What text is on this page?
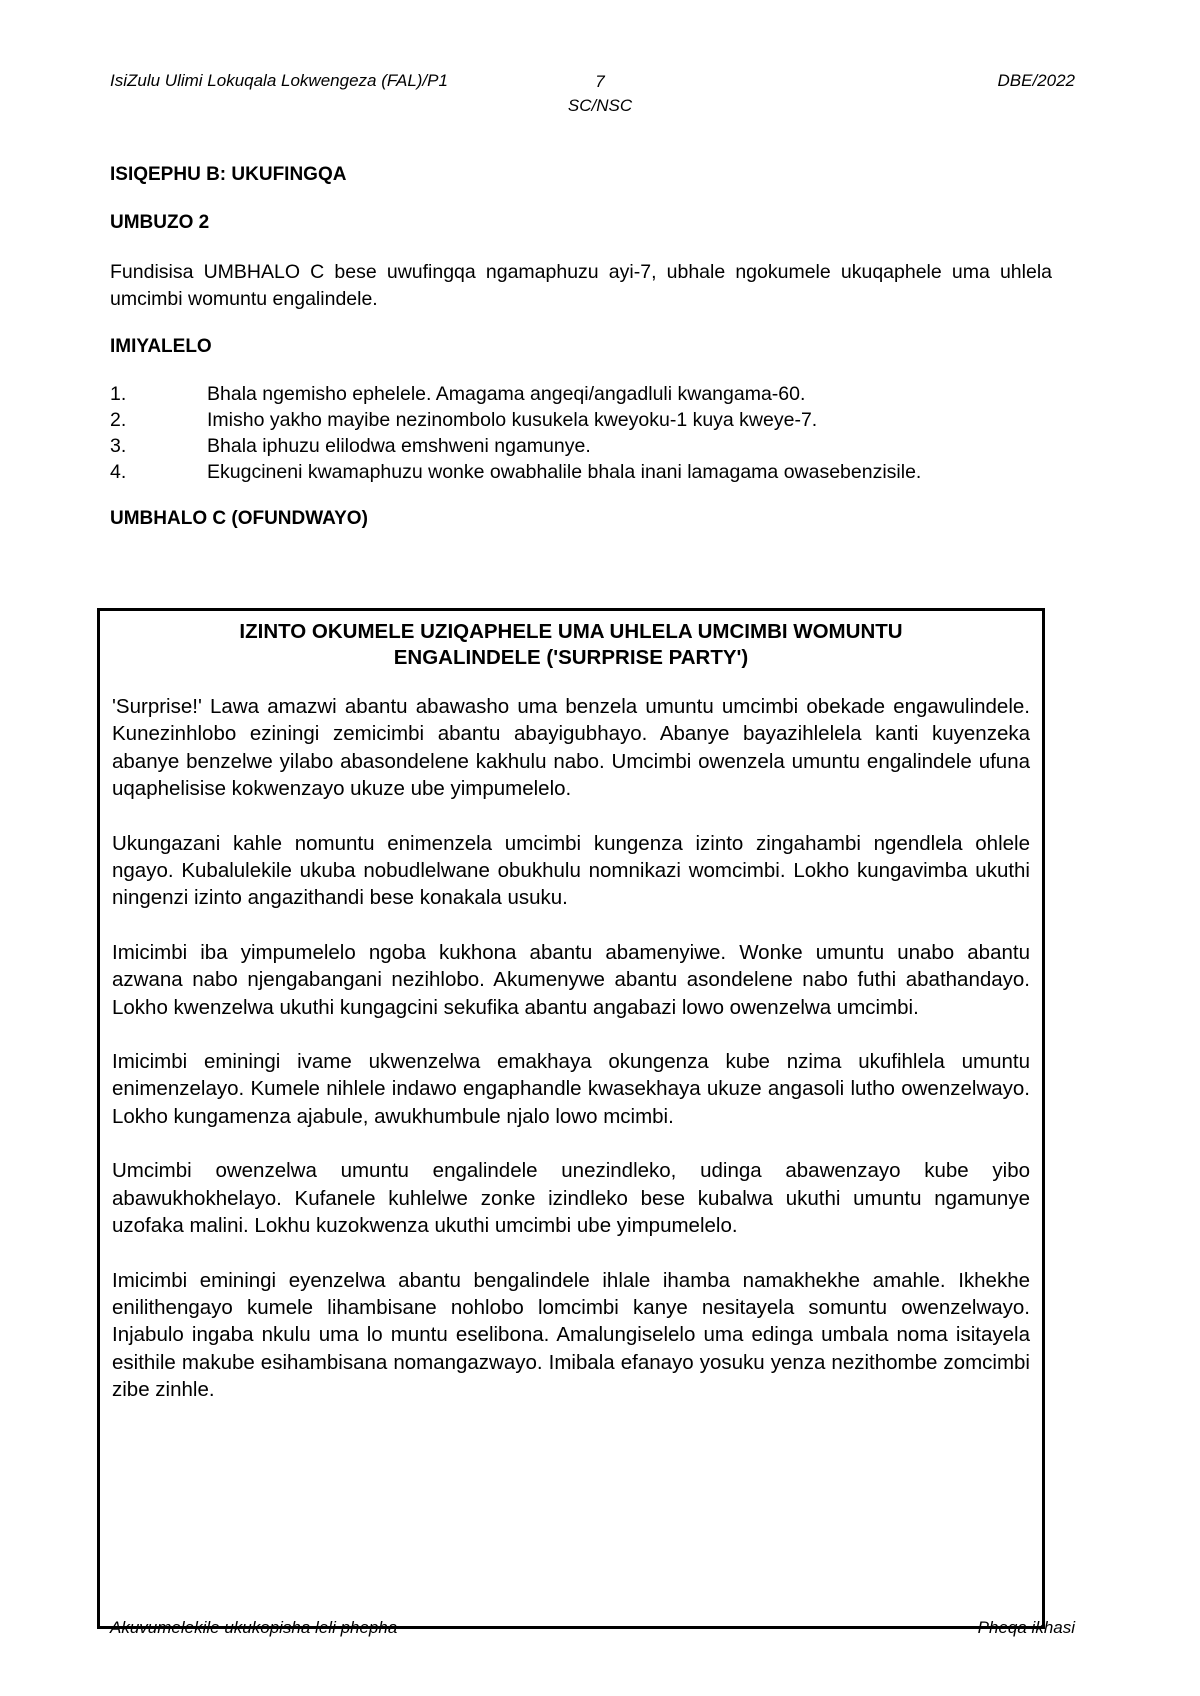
IsiZulu Ulimi Lokuqala Lokwengeza (FAL)/P1	7
SC/NSC
DBE/2022

ISIQEPHU B: UKUFINGQA

UMBUZO 2

Fundisisa UMBHALO C bese uwufingqa ngamaphuzu ayi-7, ubhale ngokumele ukuqaphele uma uhlela umcimbi womuntu engalindele.

IMIYALELO

1.	Bhala ngemisho ephelele. Amagama angeqi/angadluli kwangama-60.
2.	Imisho yakho mayibe nezinombolo kusukela kweyoku-1 kuya kweye-7.
3.	Bhala iphuzu elilodwa emshweni ngamunye.
4.	Ekugcineni kwamaphuzu wonke owabhalile bhala inani lamagama owasebenzisile.

UMBHALO C (OFUNDWAYO)

IZINTO OKUMELE UZIQAPHELE UMA UHLELA UMCIMBI WOMUNTU
ENGALINDELE ('SURPRISE PARTY')

'Surprise!' Lawa amazwi abantu abawasho uma benzela umuntu umcimbi obekade engawulindele. Kunezinhlobo eziningi zemicimbi abantu abayigubhayo. Abanye bayazihlelela kanti kuyenzeka abanye benzelwe yilabo abasondelene kakhulu nabo. Umcimbi owenzela umuntu engalindele ufuna uqaphelisise kokwenzayo ukuze ube yimpumelelo.

Ukungazani kahle nomuntu enimenzela umcimbi kungenza izinto zingahambi ngendlela ohlele ngayo. Kubalulekile ukuba nobudlelwane obukhulu nomnikazi womcimbi. Lokho kungavimba ukuthi ningenzi izinto angazithandi bese konakala usuku.

Imicimbi iba yimpumelelo ngoba kukhona abantu abamenyiwe. Wonke umuntu unabo abantu azwana nabo njengabangani nezihlobo. Akumenywe abantu asondelene nabo futhi abathandayo. Lokho kwenzelwa ukuthi kungagcini sekufika abantu angabazi lowo owenzelwa umcimbi.

Imicimbi eminingi ivame ukwenzelwa emakhaya okungenza kube nzima ukufihlela umuntu enimenzelayo. Kumele nihlele indawo engaphandle kwasekhaya ukuze angasoli lutho owenzelwayo. Lokho kungamenza ajabule, awukhumbule njalo lowo mcimbi.

Umcimbi owenzelwa umuntu engalindele unezindleko, udinga abawenzayo kube yibo abawukhokhelayo. Kufanele kuhlelwe zonke izindleko bese kubalwa ukuthi umuntu ngamunye uzofaka malini. Lokhu kuzokwenza ukuthi umcimbi ube yimpumelelo.

Imicimbi eminingi eyenzelwa abantu bengalindele ihlale ihamba namakhekhe amahle. Ikhekhe enilithengayo kumele lihambisane nohlobo lomcimbi kanye nesitayela somuntu owenzelwayo. Injabulo ingaba nkulu uma lo muntu eselibona. Amalungiselelo uma edinga umbala noma isitayela esithile makube esihambisana nomangazwayo. Imibala efanayo yosuku yenza nezithombe zomcimbi zibe zinhle.

Akuvumelekile ukukopisha leli phepha	Pheqa ikhasi
